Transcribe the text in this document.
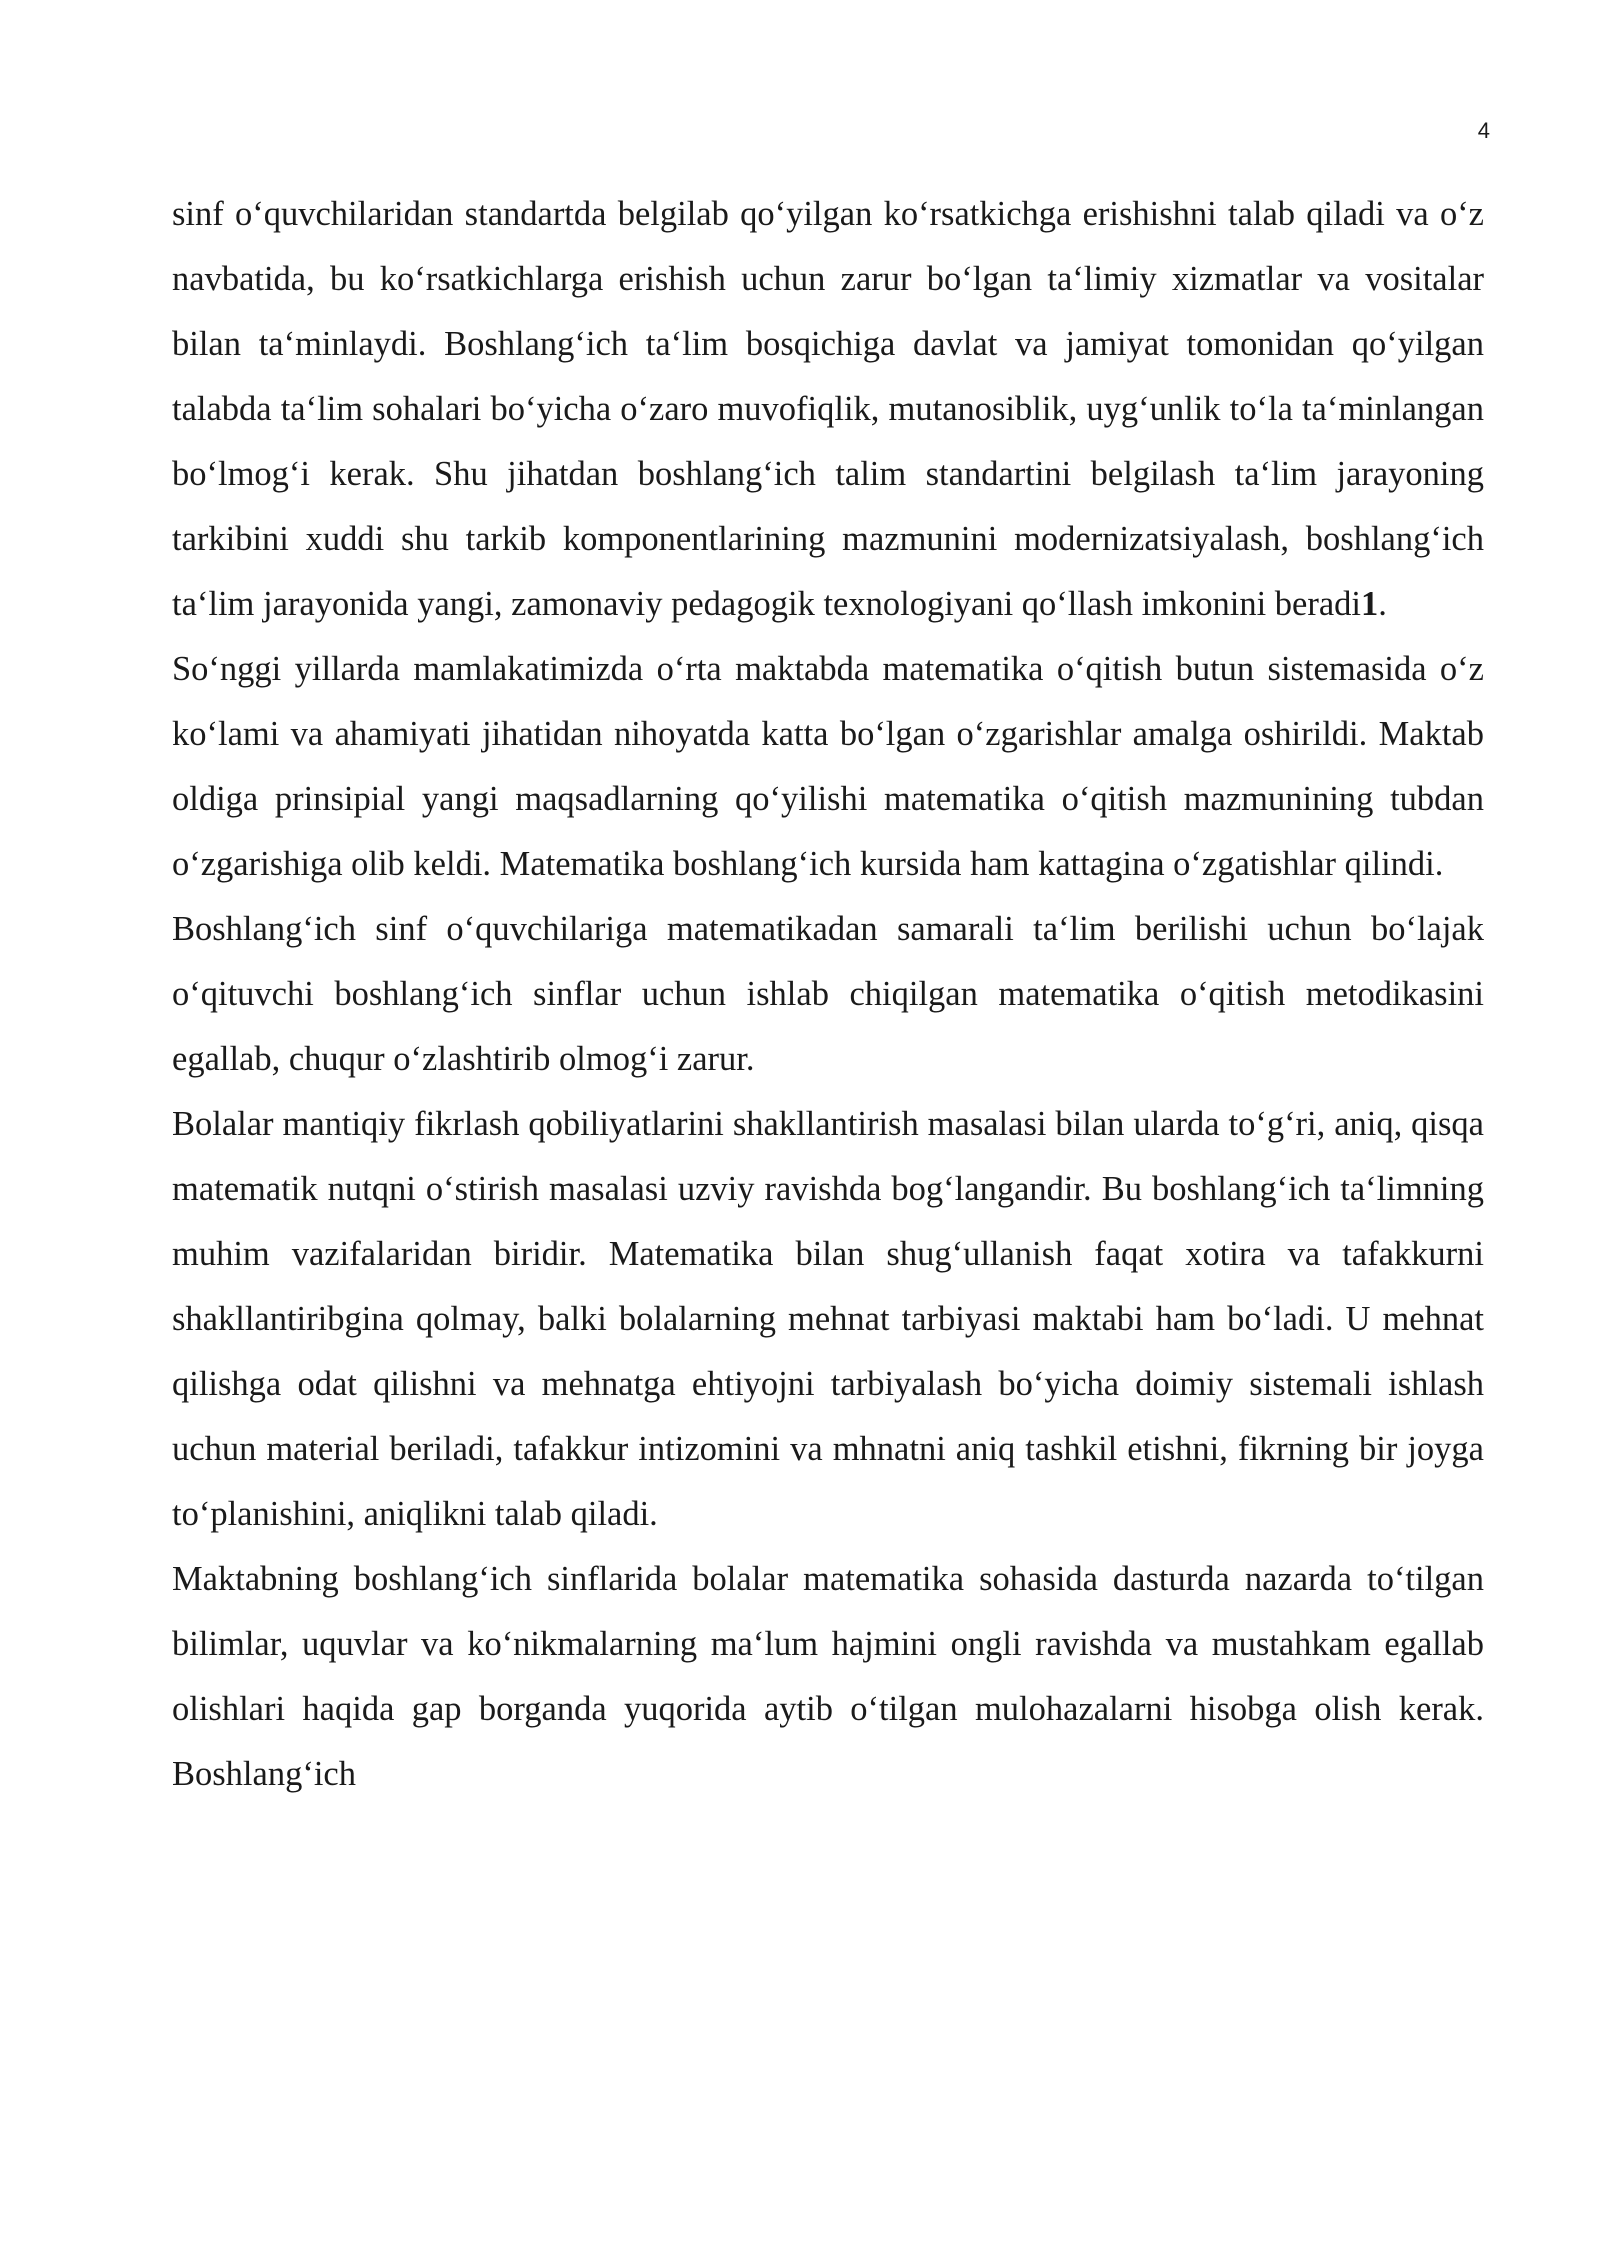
4

sinf o‘quvchilaridan standartda belgilab qo‘yilgan ko‘rsatkichga erishishni talab qiladi va o‘z navbatida, bu ko‘rsatkichlarga erishish uchun zarur bo‘lgan ta‘limiy xizmatlar va vositalar bilan ta‘minlaydi. Boshlang‘ich ta‘lim bosqichiga davlat va jamiyat tomonidan qo‘yilgan talabda ta‘lim sohalari bo‘yicha o‘zaro muvofiqlik, mutanosiblik, uyg‘unlik to‘la ta‘minlangan bo‘lmog‘i kerak. Shu jihatdan boshlang‘ich talim standartini belgilash ta‘lim jarayoning tarkibini xuddi shu tarkib komponentlarining mazmunini modernizatsiyalash, boshlang‘ich ta‘lim jarayonida yangi, zamonaviy pedagogik texnologiyani qo‘llash imkonini beradi1.

So‘nggi yillarda mamlakatimizda o‘rta maktabda matematika o‘qitish butun sistemasida o‘z ko‘lami va ahamiyati jihatidan nihoyatda katta bo‘lgan o‘zgarishlar amalga oshirildi. Maktab oldiga prinsipial yangi maqsadlarning qo‘yilishi matematika o‘qitish mazmunining tubdan o‘zgarishiga olib keldi. Matematika boshlang‘ich kursida ham kattagina o‘zgatishlar qilindi.

Boshlang‘ich sinf o‘quvchilariga matematikadan samarali ta‘lim berilishi uchun bo‘lajak o‘qituvchi boshlang‘ich sinflar uchun ishlab chiqilgan matematika o‘qitish metodikasini egallab, chuqur o‘zlashtirib olmog‘i zarur.

Bolalar mantiqiy fikrlash qobiliyatlarini shakllantirish masalasi bilan ularda to‘g‘ri, aniq, qisqa matematik nutqni o‘stirish masalasi uzviy ravishda bog‘langandir. Bu boshlang‘ich ta‘limning muhim vazifalaridan biridir. Matematika bilan shug‘ullanish faqat xotira va tafakkurni shakllantiribgina qolmay, balki bolalarning mehnat tarbiyasi maktabi ham bo‘ladi. U mehnat qilishga odat qilishni va mehnatga ehtiyojni tarbiyalash bo‘yicha doimiy sistemali ishlash uchun material beriladi, tafakkur intizomini va mhnatni aniq tashkil etishni, fikrning bir joyga to‘planishini, aniqlikni talab qiladi.

Maktabning boshlang‘ich sinflarida bolalar matematika sohasida dasturda nazarda to‘tilgan bilimlar, uquvlar va ko‘nikmalarning ma‘lum hajmini ongli ravishda va mustahkam egallab olishlari haqida gap borganda yuqorida aytib o‘tilgan mulohazalarni hisobga olish kerak. Boshlang‘ich
